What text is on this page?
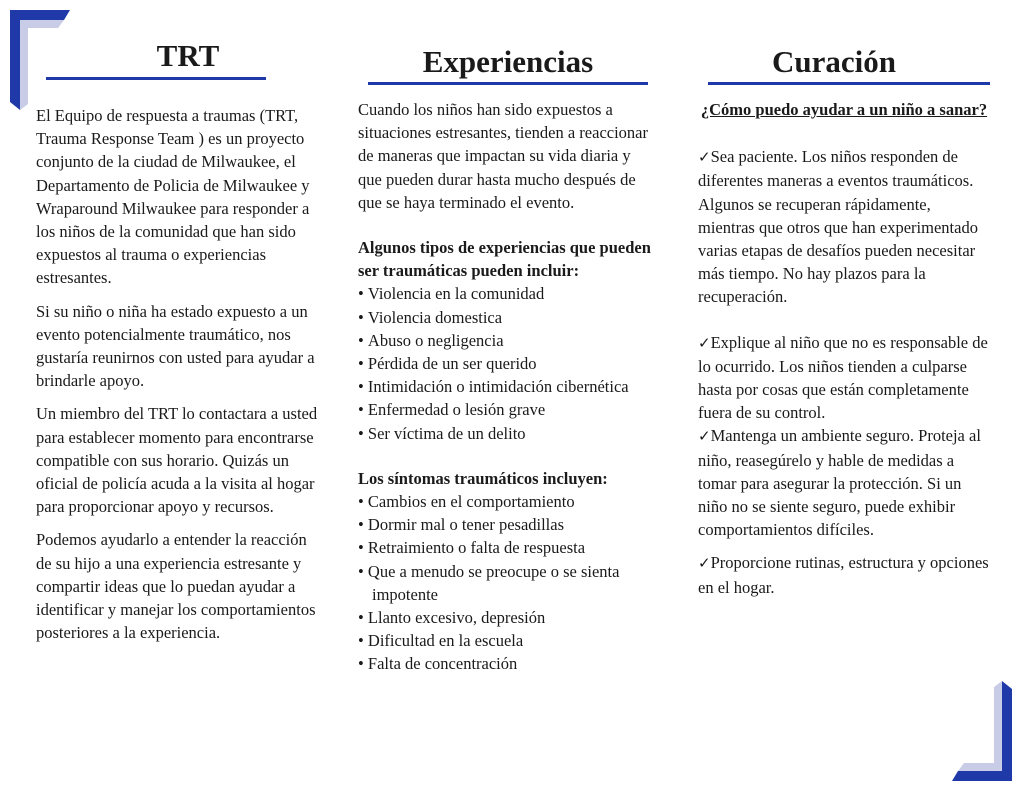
TRT

El Equipo de respuesta a traumas (TRT, Trauma Response Team ) es un proyecto conjunto de la ciudad de Milwaukee, el Departamento de Policia de Milwaukee y Wraparound Milwaukee para responder a los niños de la comunidad que han sido expuestos al trauma o experiencias estresantes.

Si su niño o niña ha estado expuesto a un evento potencialmente traumático, nos gustaría reunirnos con usted para ayudar a brindarle apoyo.

Un miembro del TRT lo contactara a usted para establecer momento para encontrarse compatible con sus horario. Quizás un oficial de policía acuda a la visita al hogar para proporcionar apoyo y recursos.

Podemos ayudarlo a entender la reacción de su hijo a una experiencia estresante y compartir ideas que lo puedan ayudar a identificar y manejar los comportamientos posteriores a la experiencia.

Experiencias

Cuando los niños han sido expuestos a situaciones estresantes, tienden a reaccionar de maneras que impactan su vida diaria y que pueden durar hasta mucho después de que se haya terminado el evento.

Algunos tipos de experiencias que pueden ser traumáticas pueden incluir:

• Violencia en la comunidad
• Violencia domestica
• Abuso o negligencia
• Pérdida de un ser querido
• Intimidación o intimidación cibernética
• Enfermedad o lesión grave
• Ser víctima de un delito

Los síntomas traumáticos incluyen:

• Cambios en el comportamiento
• Dormir mal o tener pesadillas
• Retraimiento o falta de respuesta
• Que a menudo se preocupe o se sienta impotente
• Llanto excesivo, depresión
• Dificultad en la escuela
• Falta de concentración
Curación

¿Cómo puedo ayudar a un niño a sanar?

✓Sea paciente. Los niños responden de diferentes maneras a eventos traumáticos. Algunos se recuperan rápidamente, mientras que otros que han experimentado varias etapas de desafíos pueden necesitar más tiempo. No hay plazos para la recuperación.

✓Explique al niño que no es responsable de lo ocurrido. Los niños tienden a culparse hasta por cosas que están completamente fuera de su control.

✓Mantenga un ambiente seguro. Proteja al niño, reasegúrelo y hable de medidas a tomar para asegurar la protección. Si un niño no se siente seguro, puede exhibir comportamientos difíciles.

✓Proporcione rutinas, estructura y opciones en el hogar.
